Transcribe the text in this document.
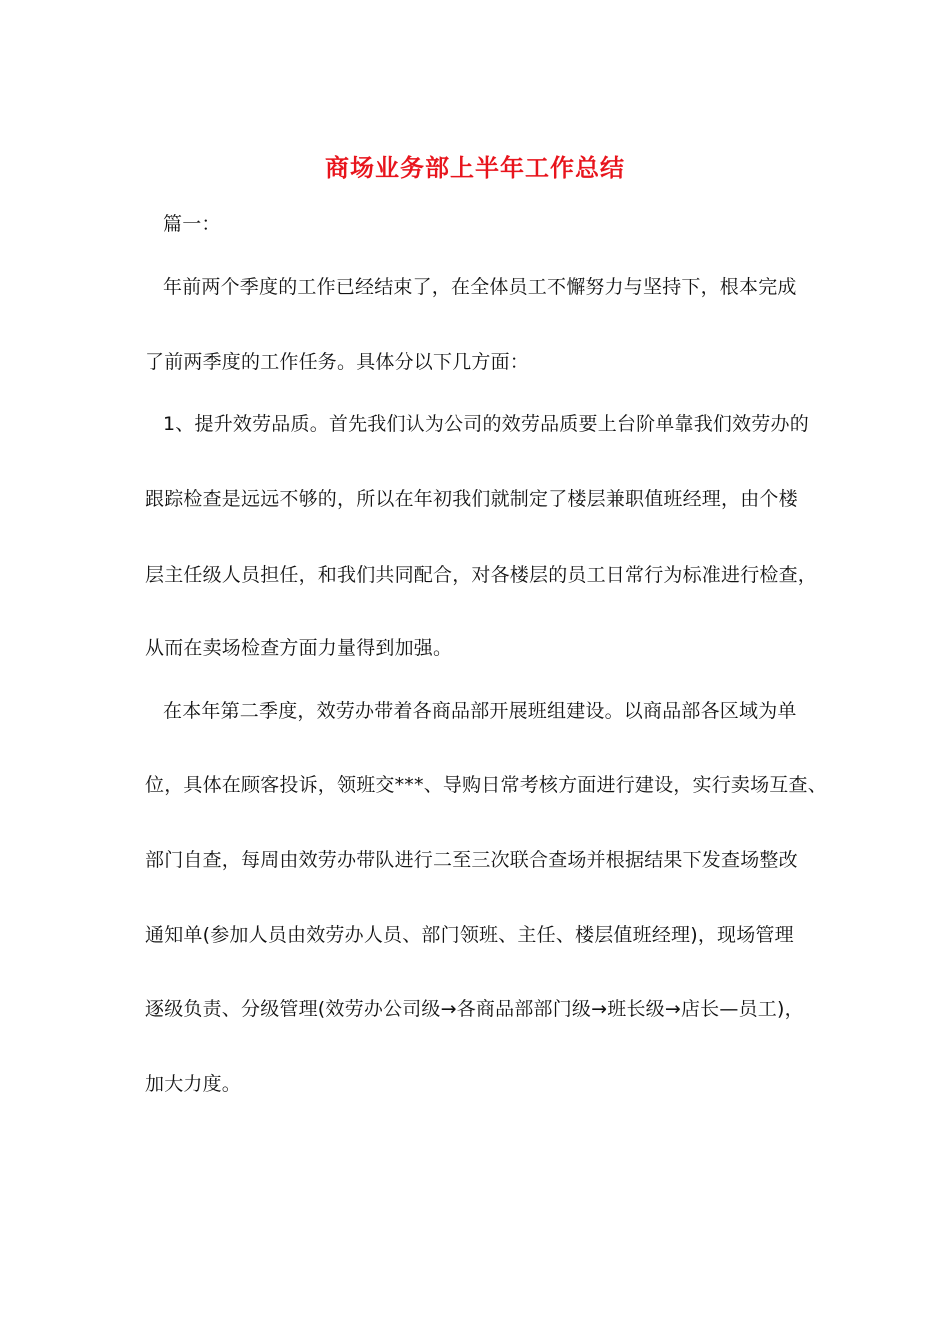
商场业务部上半年工作总结
篇一：
年前两个季度的工作已经结束了，在全体员工不懈努力与坚持下，根本完成
了前两季度的工作任务。具体分以下几方面：
1、提升效劳品质。首先我们认为公司的效劳品质要上台阶单靠我们效劳办的
跟踪检查是远远不够的，所以在年初我们就制定了楼层兼职值班经理，由个楼
层主任级人员担任，和我们共同配合，对各楼层的员工日常行为标准进行检查，
从而在卖场检查方面力量得到加强。
在本年第二季度，效劳办带着各商品部开展班组建设。以商品部各区域为单
位，具体在顾客投诉，领班交***、导购日常考核方面进行建设，实行卖场互查、
部门自查，每周由效劳办带队进行二至三次联合查场并根据结果下发查场整改
通知单(参加人员由效劳办人员、部门领班、主任、楼层值班经理)，现场管理
逐级负责、分级管理(效劳办公司级→各商品部部门级→班长级→店长—员工)，
加大力度。
